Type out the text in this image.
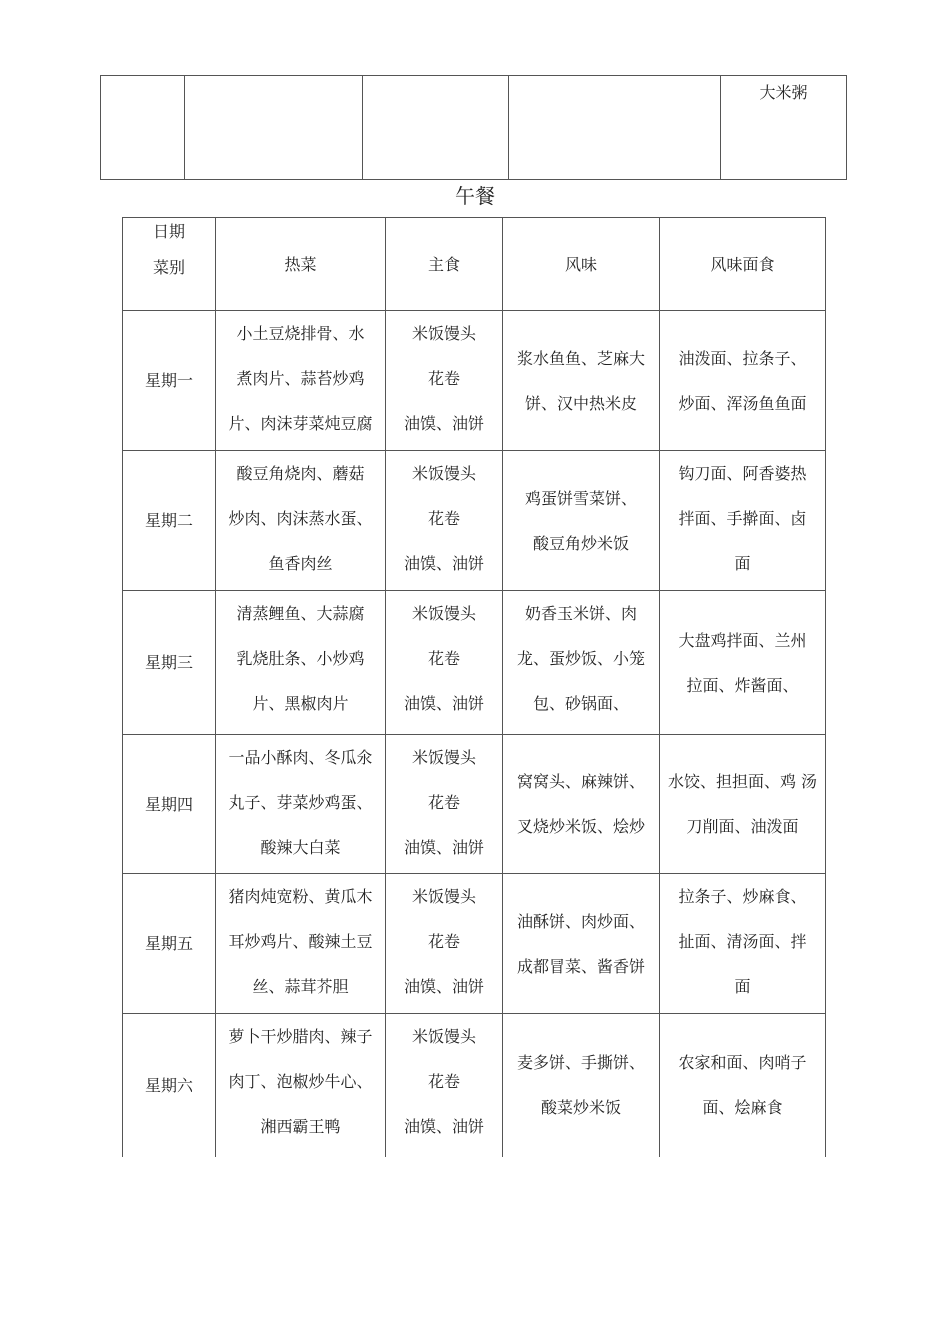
				大米粥
午餐
日期
菜别	热菜	主食	风味	风味面食
星期一	小土豆烧排骨、水
煮肉片、蒜苔炒鸡
片、肉沫芽菜炖豆腐	米饭馒头
花卷
油馍、油饼	浆水鱼鱼、芝麻大
饼、汉中热米皮	油泼面、拉条子、
炒面、浑汤鱼鱼面

星期二	酸豆角烧肉、蘑菇
炒肉、肉沫蒸水蛋、
鱼香肉丝	米饭馒头
花卷
油馍、油饼	鸡蛋饼雪菜饼、
酸豆角炒米饭	钩刀面、阿香婆热
拌面、手擀面、卤
面

星期三	清蒸鲤鱼、大蒜腐
乳烧肚条、小炒鸡
片、黑椒肉片	米饭馒头
花卷
油馍、油饼	奶香玉米饼、肉
龙、蛋炒饭、小笼
包、砂锅面、	大盘鸡拌面、兰州
拉面、炸酱面、

星期四	一品小酥肉、冬瓜氽
丸子、芽菜炒鸡蛋、
酸辣大白菜	米饭馒头
花卷
油馍、油饼	窝窝头、麻辣饼、
叉烧炒米饭、烩炒	水饺、担担面、鸡 汤
刀削面、油泼面

星期五	猪肉炖宽粉、黄瓜木
耳炒鸡片、酸辣土豆
丝、蒜茸芥胆	米饭馒头
花卷
油馍、油饼	油酥饼、肉炒面、
成都冒菜、酱香饼	拉条子、炒麻食、
扯面、清汤面、拌
面

星期六	萝卜干炒腊肉、辣子
肉丁、泡椒炒牛心、
湘西霸王鸭	米饭馒头
花卷
油馍、油饼	麦多饼、手撕饼、
酸菜炒米饭	农家和面、肉哨子
面、烩麻食
